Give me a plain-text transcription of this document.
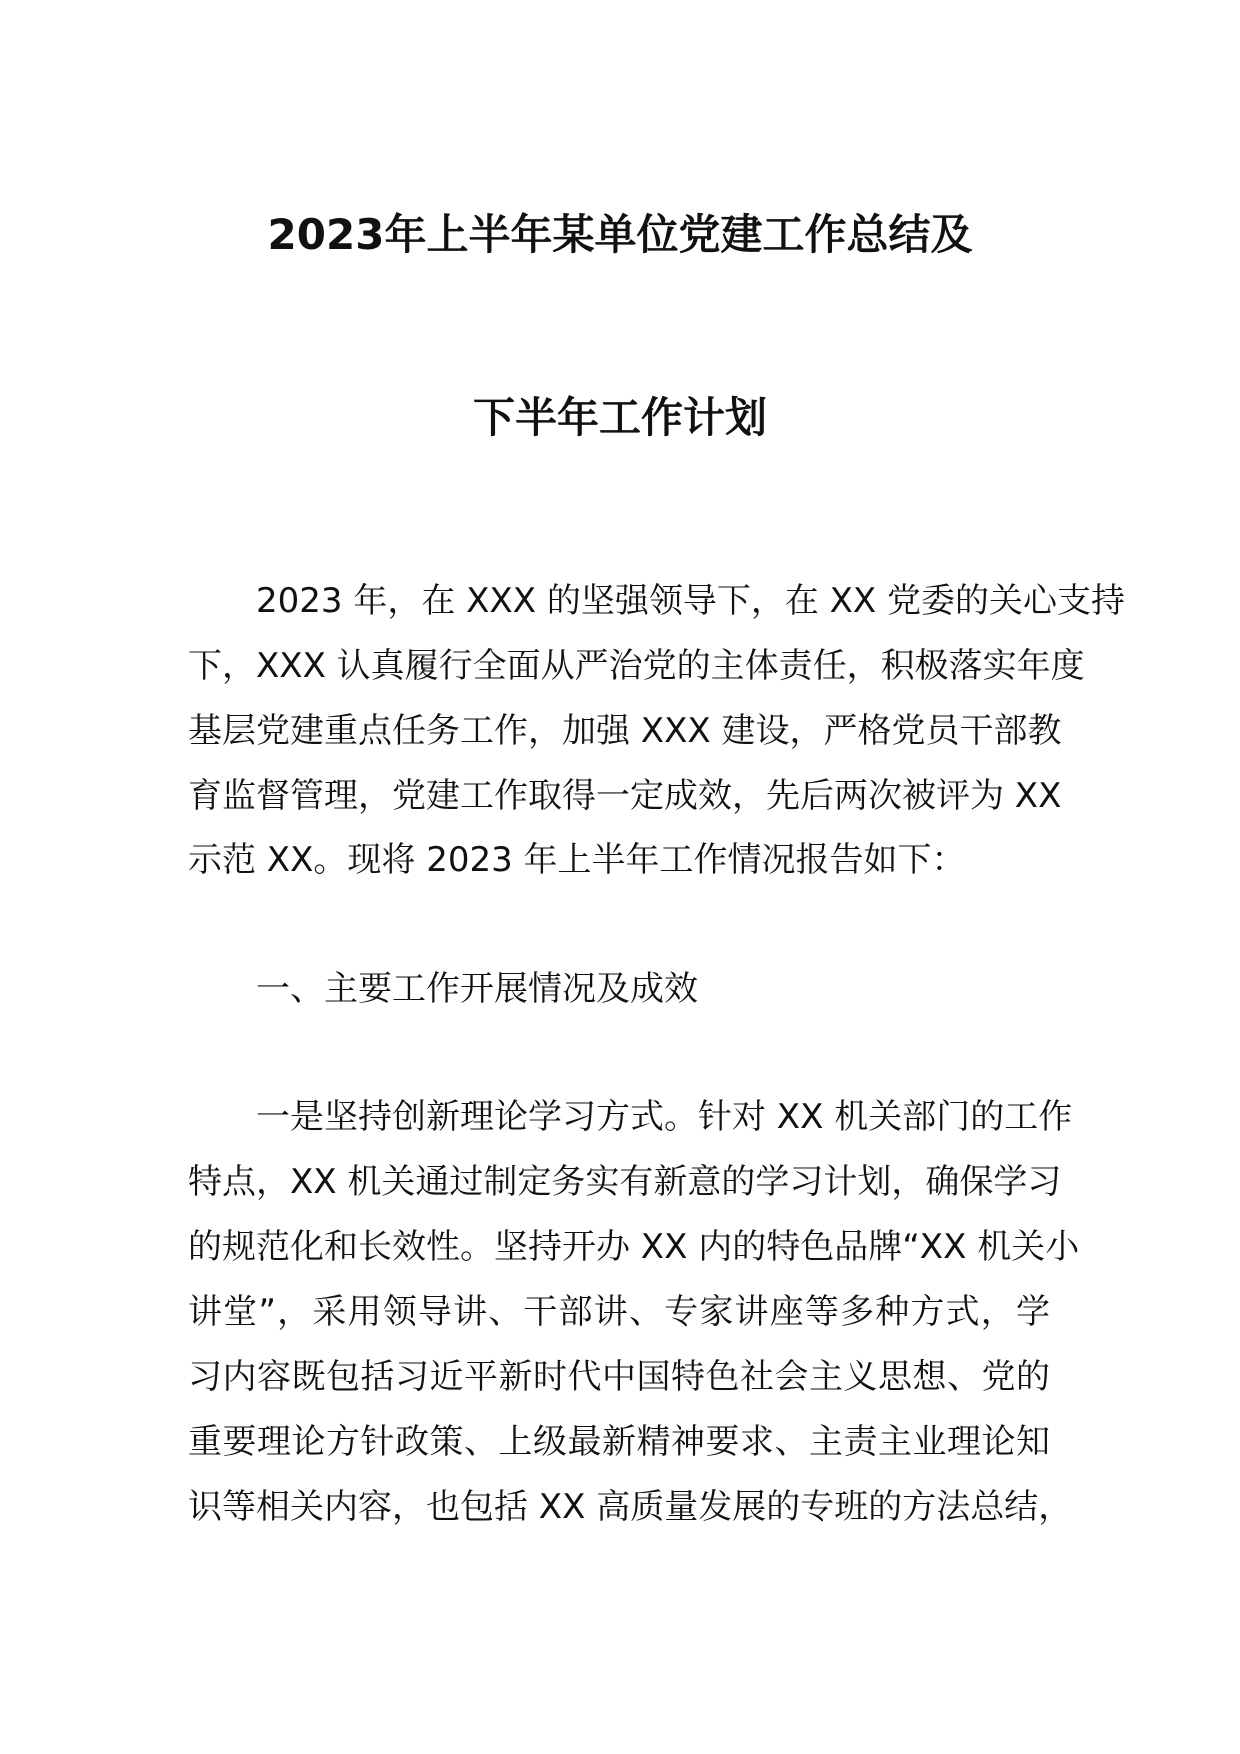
2023年上半年某单位党建工作总结及
下半年工作计划
2023 年，在 XXX 的坚强领导下，在 XX 党委的关心支持
下，XXX 认真履行全面从严治党的主体责任，积极落实年度
基层党建重点任务工作，加强 XXX 建设，严格党员干部教
育监督管理，党建工作取得一定成效，先后两次被评为 XX
示范 XX。现将 2023 年上半年工作情况报告如下：
一、主要工作开展情况及成效
一是坚持创新理论学习方式。针对 XX 机关部门的工作
特点，XX 机关通过制定务实有新意的学习计划，确保学习
的规范化和长效性。坚持开办 XX 内的特色品牌“XX 机关小
讲堂”，采用领导讲、干部讲、专家讲座等多种方式，学
习内容既包括习近平新时代中国特色社会主义思想、党的
重要理论方针政策、上级最新精神要求、主责主业理论知
识等相关内容，也包括 XX 高质量发展的专班的方法总结，
